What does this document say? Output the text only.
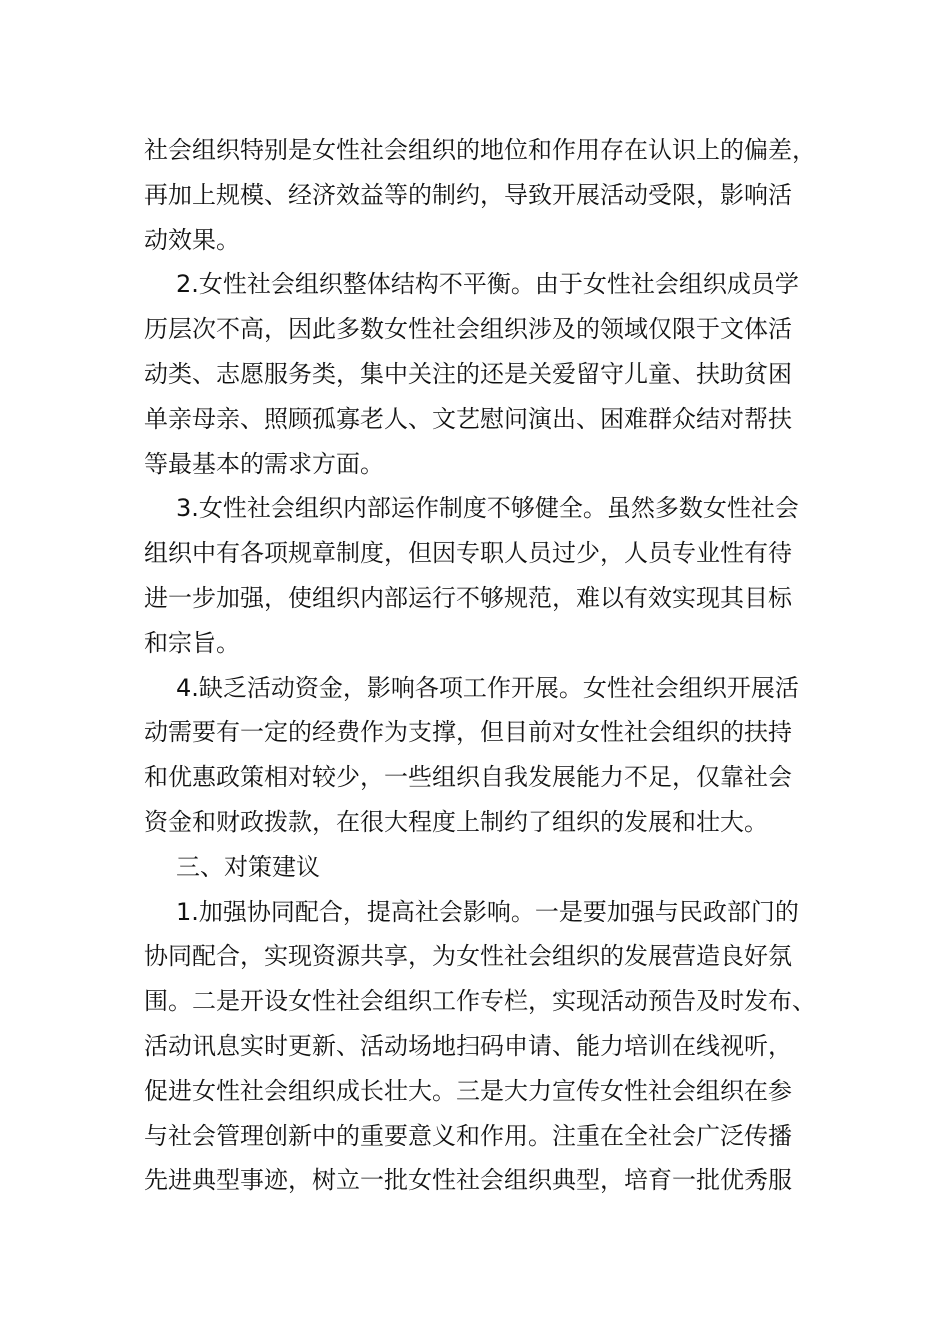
社会组织特别是女性社会组织的地位和作用存在认识上的偏差，
再加上规模、经济效益等的制约，导致开展活动受限，影响活
动效果。
2.女性社会组织整体结构不平衡。由于女性社会组织成员学
历层次不高，因此多数女性社会组织涉及的领域仅限于文体活
动类、志愿服务类，集中关注的还是关爱留守儿童、扶助贫困
单亲母亲、照顾孤寡老人、文艺慰问演出、困难群众结对帮扶
等最基本的需求方面。
3.女性社会组织内部运作制度不够健全。虽然多数女性社会
组织中有各项规章制度，但因专职人员过少，人员专业性有待
进一步加强，使组织内部运行不够规范，难以有效实现其目标
和宗旨。
4.缺乏活动资金，影响各项工作开展。女性社会组织开展活
动需要有一定的经费作为支撑，但目前对女性社会组织的扶持
和优惠政策相对较少，一些组织自我发展能力不足，仅靠社会
资金和财政拨款，在很大程度上制约了组织的发展和壮大。
三、对策建议
1.加强协同配合，提高社会影响。一是要加强与民政部门的
协同配合，实现资源共享，为女性社会组织的发展营造良好氛
围。二是开设女性社会组织工作专栏，实现活动预告及时发布、
活动讯息实时更新、活动场地扫码申请、能力培训在线视听，
促进女性社会组织成长壮大。三是大力宣传女性社会组织在参
与社会管理创新中的重要意义和作用。注重在全社会广泛传播
先进典型事迹，树立一批女性社会组织典型，培育一批优秀服
